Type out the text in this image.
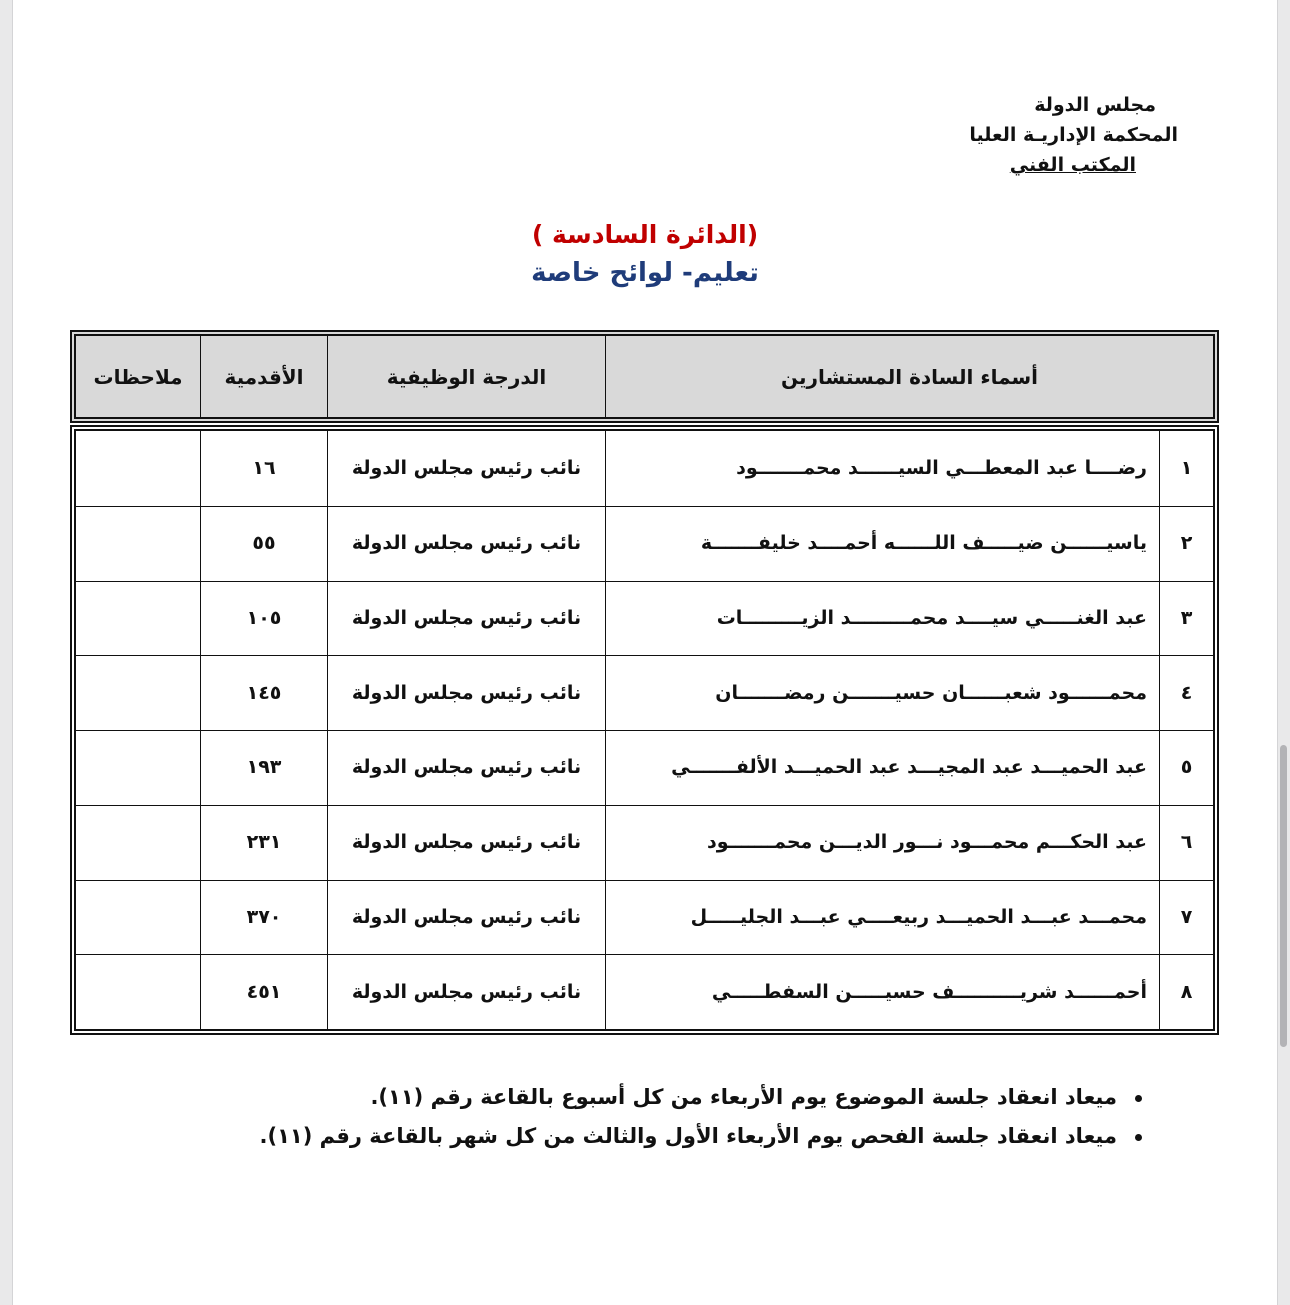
مجلس الدولة
المحكمة الإداريـة العليا
المكتب الفني
(الدائرة السادسة )
تعليم- لوائح خاصة
ملاحظات	الأقدمية	الدرجة الوظيفية	أسماء السادة المستشارين
١٦	نائب رئيس مجلس الدولة	رضــــا عبد المعطـــي السيــــــد محمـــــــود	١
٥٥	نائب رئيس مجلس الدولة	ياسيــــــن ضيـــــف اللــــــه أحمــــد خليفـــــــة	٢
١٠٥	نائب رئيس مجلس الدولة	عبد الغنـــــي سيــــد محمـــــــــد الزيـــــــــات	٣
١٤٥	نائب رئيس مجلس الدولة	محمــــــود شعبــــــان حسيـــــــن رمضـــــــان	٤
١٩٣	نائب رئيس مجلس الدولة	عبد الحميـــد عبد المجيـــد عبد الحميـــد الألفـــــــي	٥
٢٣١	نائب رئيس مجلس الدولة	عبد الحكـــم محمـــود نـــور الديـــن محمـــــــود	٦
٣٧٠	نائب رئيس مجلس الدولة	محمـــد عبـــد الحميـــد ربيعــــي عبـــد الجليـــــل	٧
٤٥١	نائب رئيس مجلس الدولة	أحمــــــد شريــــــــــف حسيـــــن السفطـــــي	٨
ميعاد انعقاد جلسة الموضوع يوم الأربعاء من كل أسبوع بالقاعة رقم (١١).
ميعاد انعقاد جلسة الفحص يوم الأربعاء الأول والثالث من كل شهر بالقاعة رقم (١١).
